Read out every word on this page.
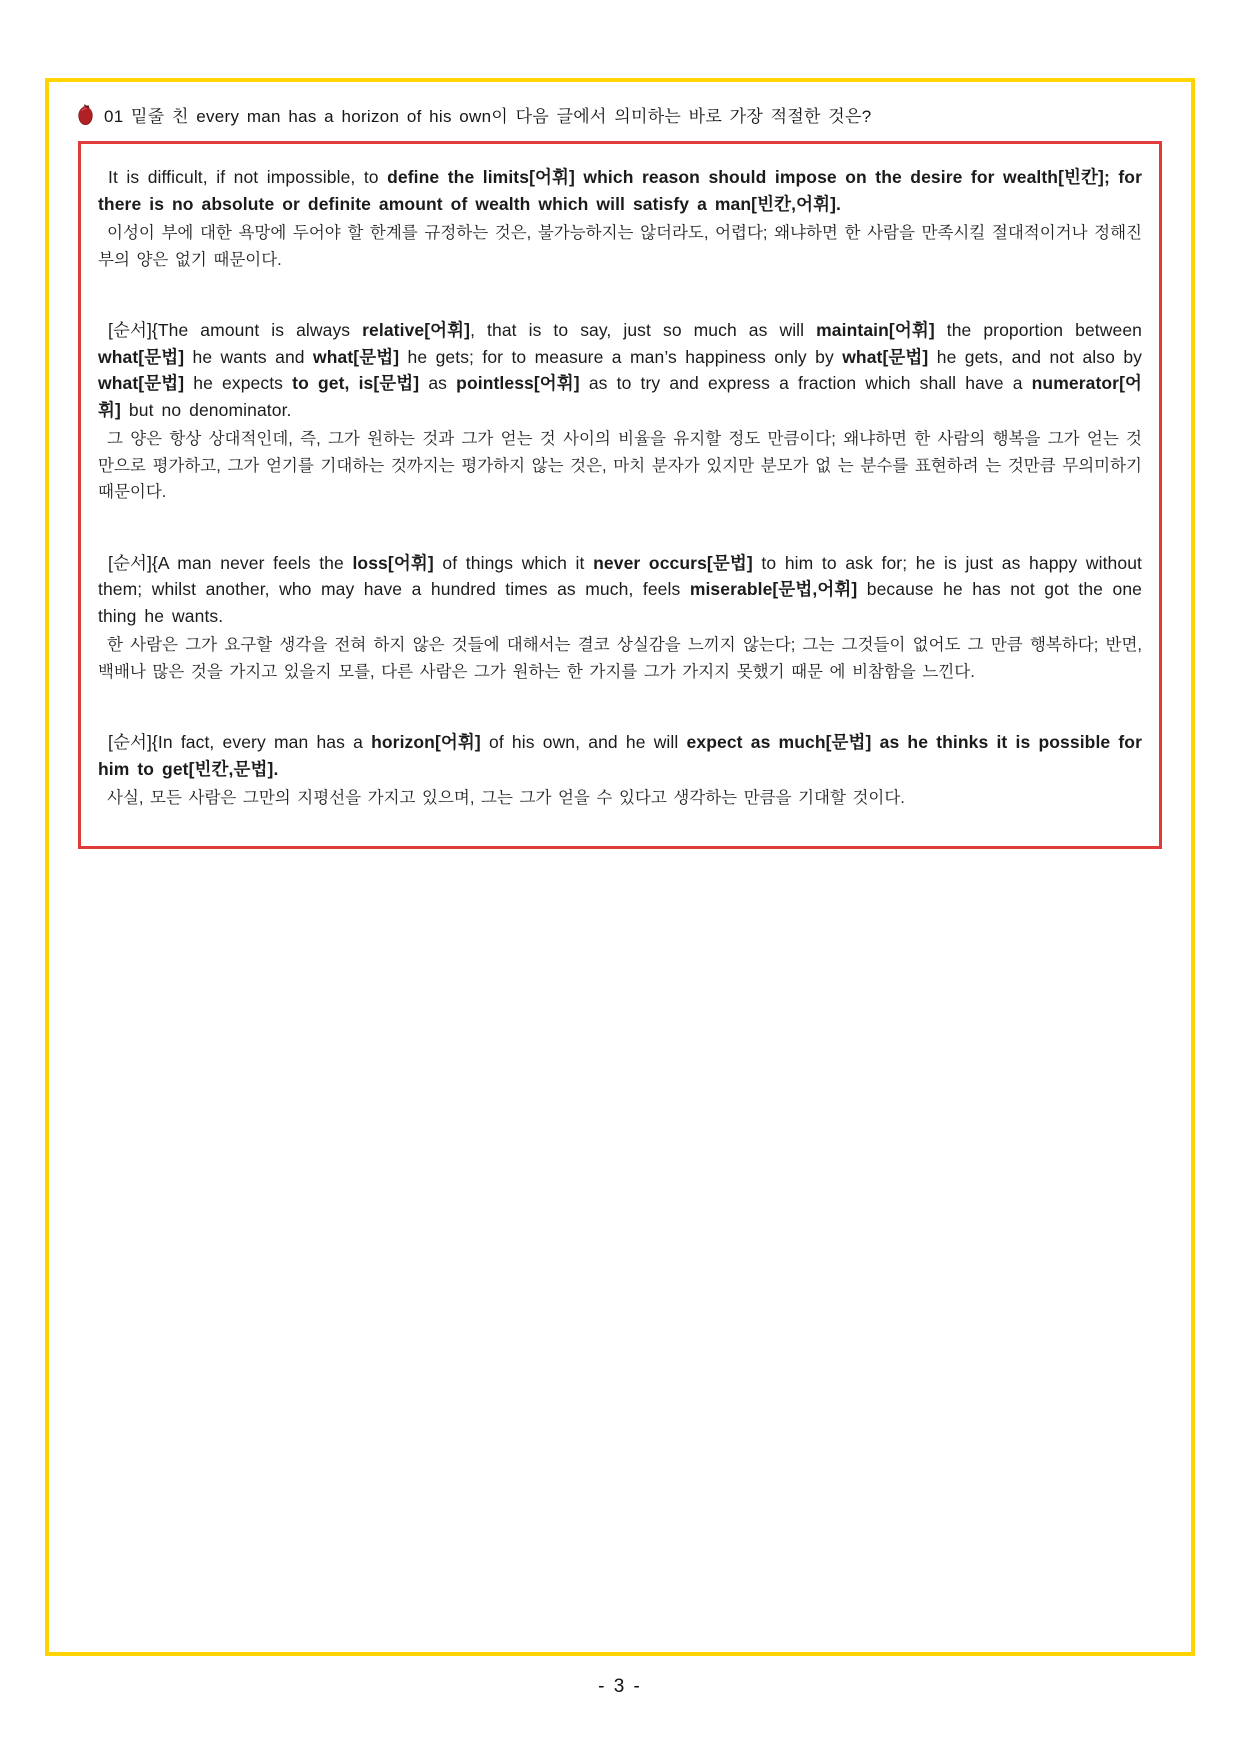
01 밑줄 친 every man has a horizon of his own이 다음 글에서 의미하는 바로 가장 적절한 것은?

It is difficult, if not impossible, to define the limits[어휘] which reason should impose on the desire for wealth[빈칸]; for there is no absolute or definite amount of wealth which will satisfy a man[빈칸,어휘].

이성이 부에 대한 욕망에 두어야 할 한계를 규정하는 것은, 불가능하지는 않더라도, 어렵다; 왜냐하면 한 사람을 만족시킬 절대적이거나 정해진 부의 양은 없기 때문이다.

[순서]{The amount is always relative[어휘], that is to say, just so much as will maintain[어휘] the proportion between what[문법] he wants and what[문법] he gets; for to measure a man’s happiness only by what[문법] he gets, and not also by what[문법] he expects to get, is[문법] as pointless[어휘] as to try and express a fraction which shall have a numerator[어휘] but no denominator.

그 양은 항상 상대적인데, 즉, 그가 원하는 것과 그가 얻는 것 사이의 비율을 유지할 정도 만큼이다; 왜냐하면 한 사람의 행복을 그가 얻는 것만으로 평가하고, 그가 얻기를 기대하는 것까지는 평가하지 않는 것은, 마치 분자가 있지만 분모가 없 는 분수를 표현하려 는 것만큼 무의미하기 때문이다.

[순서]{A man never feels the loss[어휘] of things which it never occurs[문법] to him to ask for; he is just as happy without them; whilst another, who may have a hundred times as much, feels miserable[문법,어휘] because he has not got the one thing he wants.

한 사람은 그가 요구할 생각을 전혀 하지 않은 것들에 대해서는 결코 상실감을 느끼지 않는다; 그는 그것들이 없어도 그 만큼 행복하다; 반면, 백배나 많은 것을 가지고 있을지 모를, 다른 사람은 그가 원하는 한 가지를 그가 가지지 못했기 때문 에 비참함을 느낀다.

[순서]{In fact, every man has a horizon[어휘] of his own, and he will expect as much[문법] as he thinks it is possible for him to get[빈칸,문법].

사실, 모든 사람은 그만의 지평선을 가지고 있으며, 그는 그가 얻을 수 있다고 생각하는 만큼을 기대할 것이다.

- 3 -
